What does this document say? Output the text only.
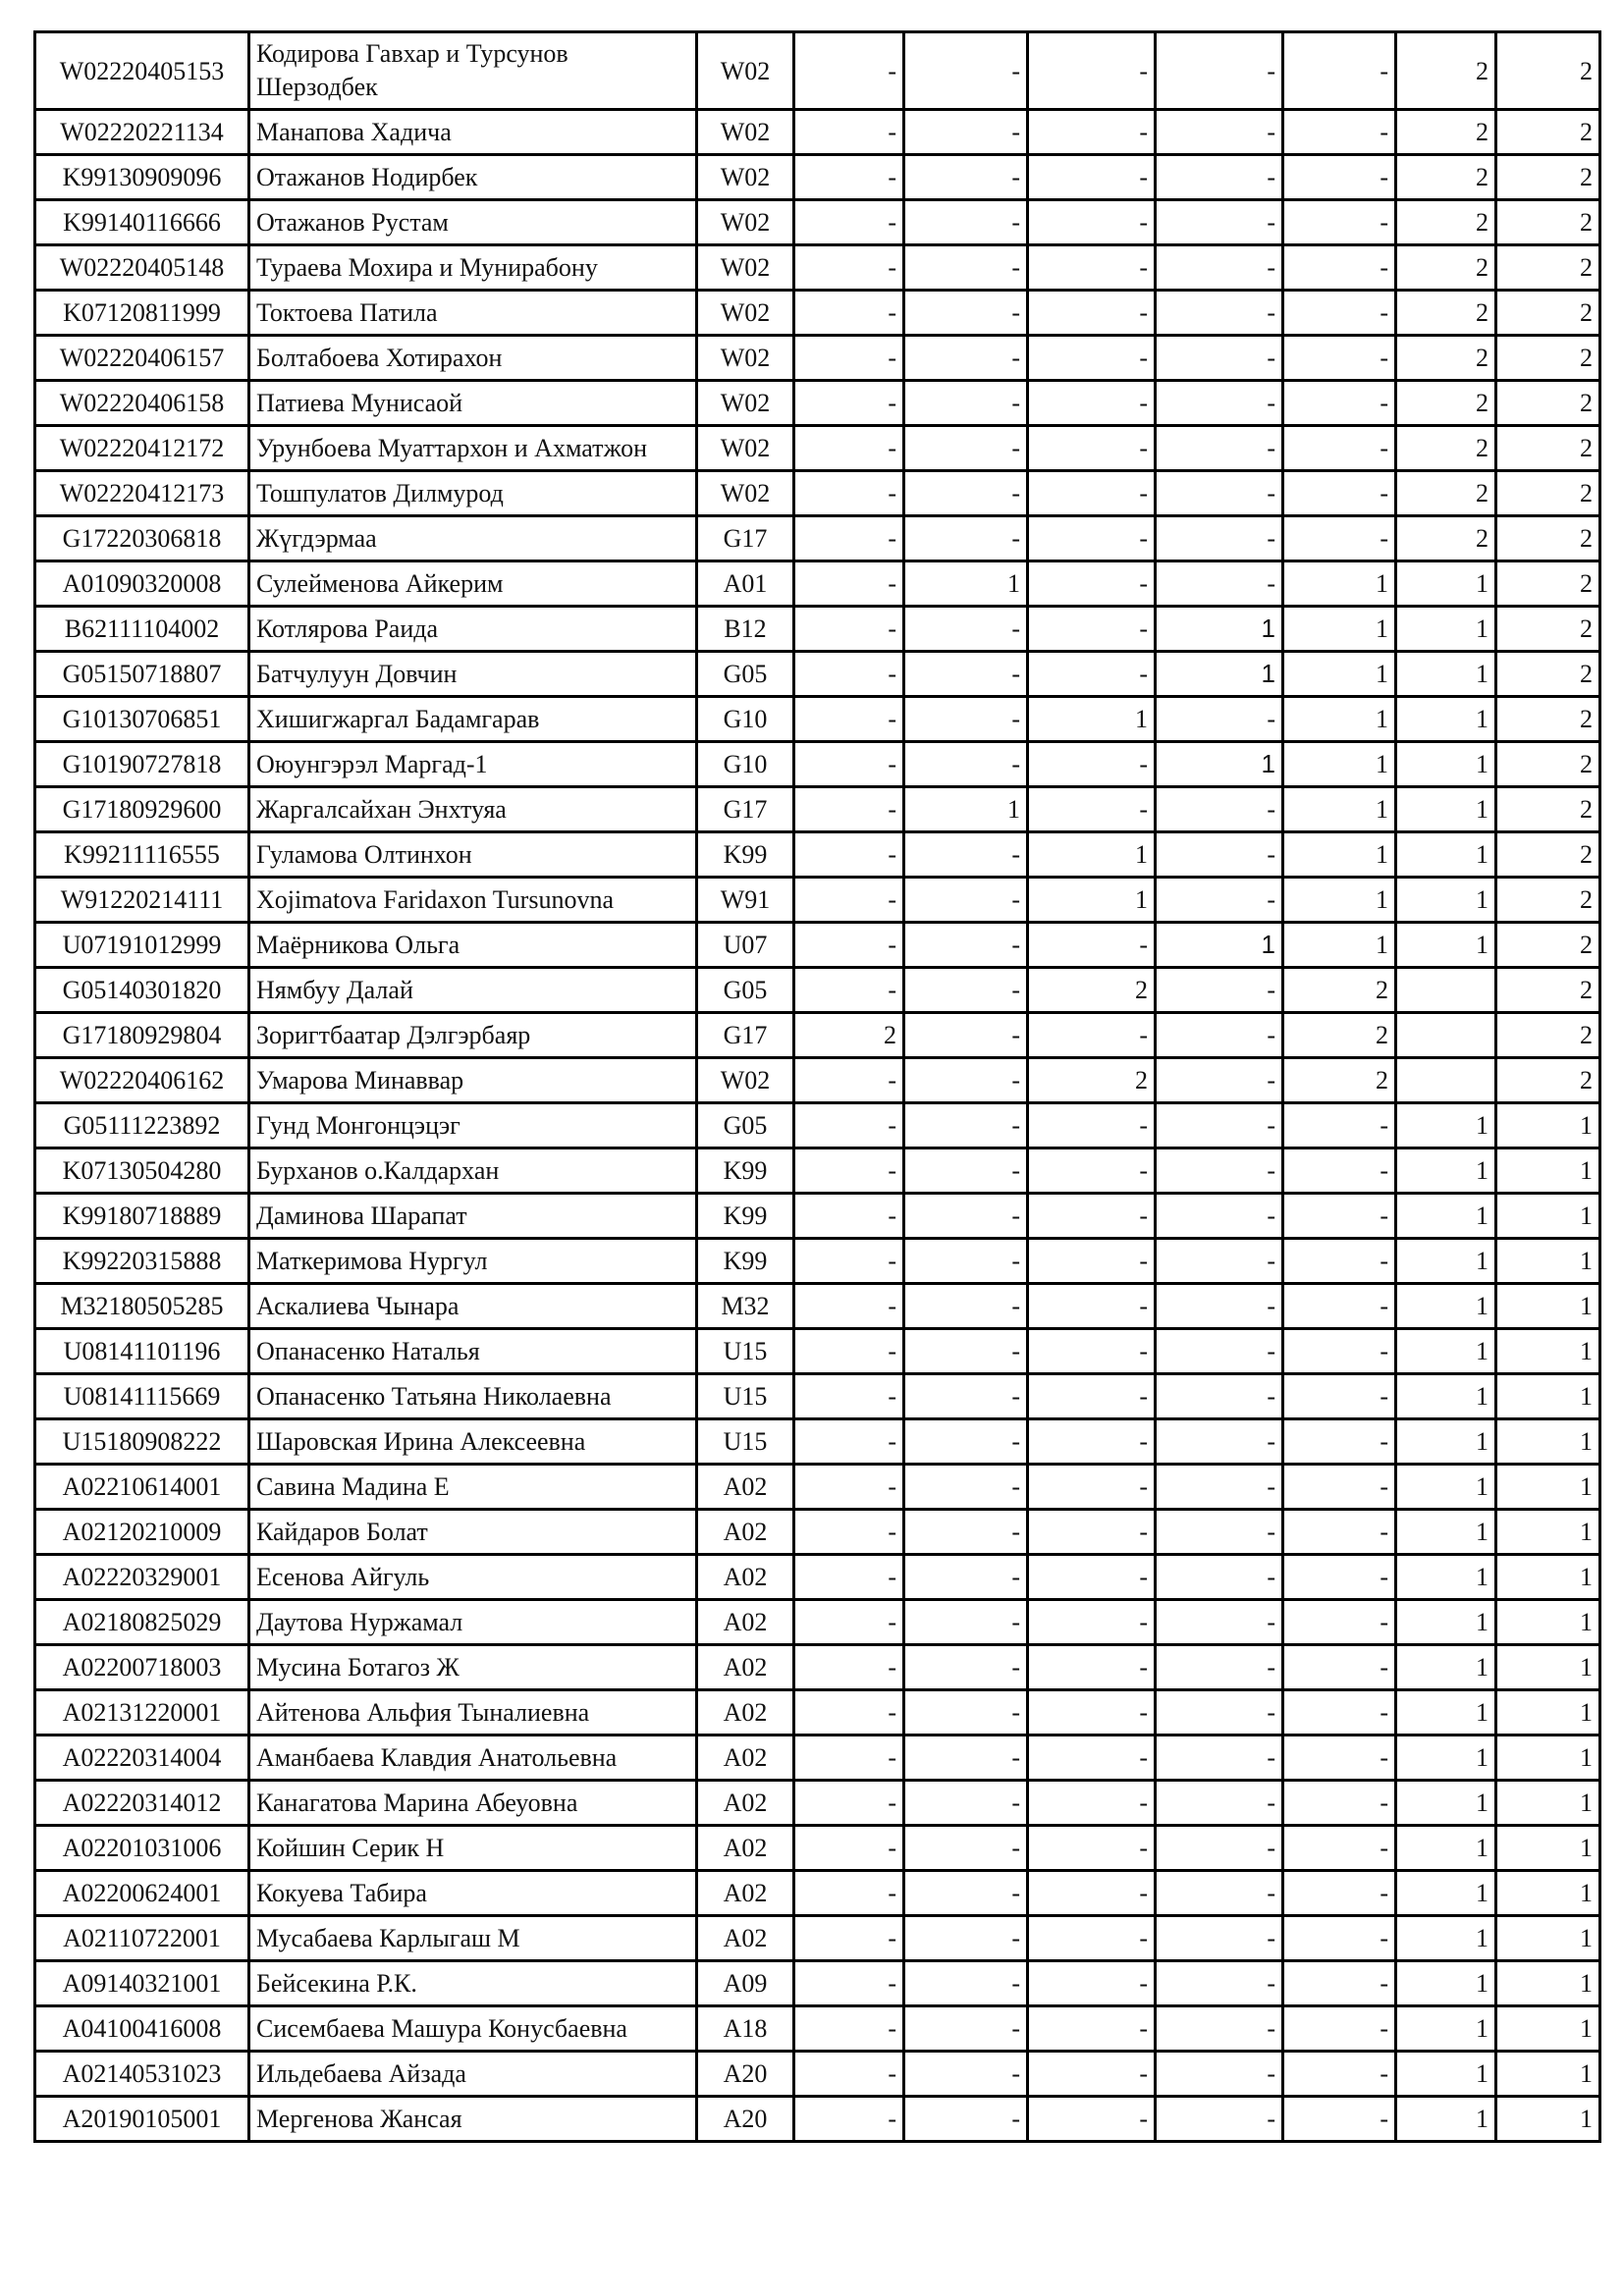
W02220405153	Кодирова Гавхар и Турсунов Шерзодбек	W02	-	-	-	-	-	2	2
W02220221134	Манапова Хадича	W02	-	-	-	-	-	2	2
K99130909096	Отажанов Нодирбек	W02	-	-	-	-	-	2	2
K99140116666	Отажанов Рустам	W02	-	-	-	-	-	2	2
W02220405148	Тураева Мохира и Мунирабону	W02	-	-	-	-	-	2	2
K07120811999	Токтоева Патила	W02	-	-	-	-	-	2	2
W02220406157	Болтабоева Хотирахон	W02	-	-	-	-	-	2	2
W02220406158	Патиева Мунисаой	W02	-	-	-	-	-	2	2
W02220412172	Урунбоева Муаттархон и Ахматжон	W02	-	-	-	-	-	2	2
W02220412173	Тошпулатов Дилмурод	W02	-	-	-	-	-	2	2
G17220306818	Жүгдэрмаа	G17	-	-	-	-	-	2	2
A01090320008	Сулейменова Айкерим	A01	-	1	-	-	1	1	2
B62111104002	Котлярова Раида	B12	-	-	-	1	1	1	2
G05150718807	Батчулуун Довчин	G05	-	-	-	1	1	1	2
G10130706851	Хишигжаргал Бадамгарав	G10	-	-	1	-	1	1	2
G10190727818	Оюунгэрэл Маргад-1	G10	-	-	-	1	1	1	2
G17180929600	Жаргалсайхан Энхтуяа	G17	-	1	-	-	1	1	2
K99211116555	Гуламова Олтинхон	K99	-	-	1	-	1	1	2
W91220214111	Xojimatova Faridaxon Tursunovna	W91	-	-	1	-	1	1	2
U07191012999	Маёрникова Ольга	U07	-	-	-	1	1	1	2
G05140301820	Нямбуу Далай	G05	-	-	2	-	2		2
G17180929804	Зоригтбаатар Дэлгэрбаяр	G17	2	-	-	-	2		2
W02220406162	Умарова Минаввар	W02	-	-	2	-	2		2
G05111223892	Гунд Монгонцэцэг	G05	-	-	-	-	-	1	1
K07130504280	Бурханов о.Калдархан	K99	-	-	-	-	-	1	1
K99180718889	Даминова Шарапат	K99	-	-	-	-	-	1	1
K99220315888	Маткеримова Нургул	K99	-	-	-	-	-	1	1
M32180505285	Аскалиева Чынара	M32	-	-	-	-	-	1	1
U08141101196	Опанасенко Наталья	U15	-	-	-	-	-	1	1
U08141115669	Опанасенко Татьяна Николаевна	U15	-	-	-	-	-	1	1
U15180908222	Шаровская Ирина Алексеевна	U15	-	-	-	-	-	1	1
A02210614001	Савина Мадина Е	A02	-	-	-	-	-	1	1
A02120210009	Кайдаров Болат	A02	-	-	-	-	-	1	1
A02220329001	Есенова Айгуль	A02	-	-	-	-	-	1	1
A02180825029	Даутова Нуржамал	A02	-	-	-	-	-	1	1
A02200718003	Мусина Ботагоз Ж	A02	-	-	-	-	-	1	1
A02131220001	Айтенова Альфия Тыналиевна	A02	-	-	-	-	-	1	1
A02220314004	Аманбаева Клавдия Анатольевна	A02	-	-	-	-	-	1	1
A02220314012	Канагатова Марина Абеуовна	A02	-	-	-	-	-	1	1
A02201031006	Койшин Серик Н	A02	-	-	-	-	-	1	1
A02200624001	Кокуева Табира	A02	-	-	-	-	-	1	1
A02110722001	Мусабаева Карлыгаш М	A02	-	-	-	-	-	1	1
A09140321001	Бейсекина Р.К.	A09	-	-	-	-	-	1	1
A04100416008	Сисембаева Машура Конусбаевна	A18	-	-	-	-	-	1	1
A02140531023	Ильдебаева Айзада	A20	-	-	-	-	-	1	1
A20190105001	Мергенова Жансая	A20	-	-	-	-	-	1	1
